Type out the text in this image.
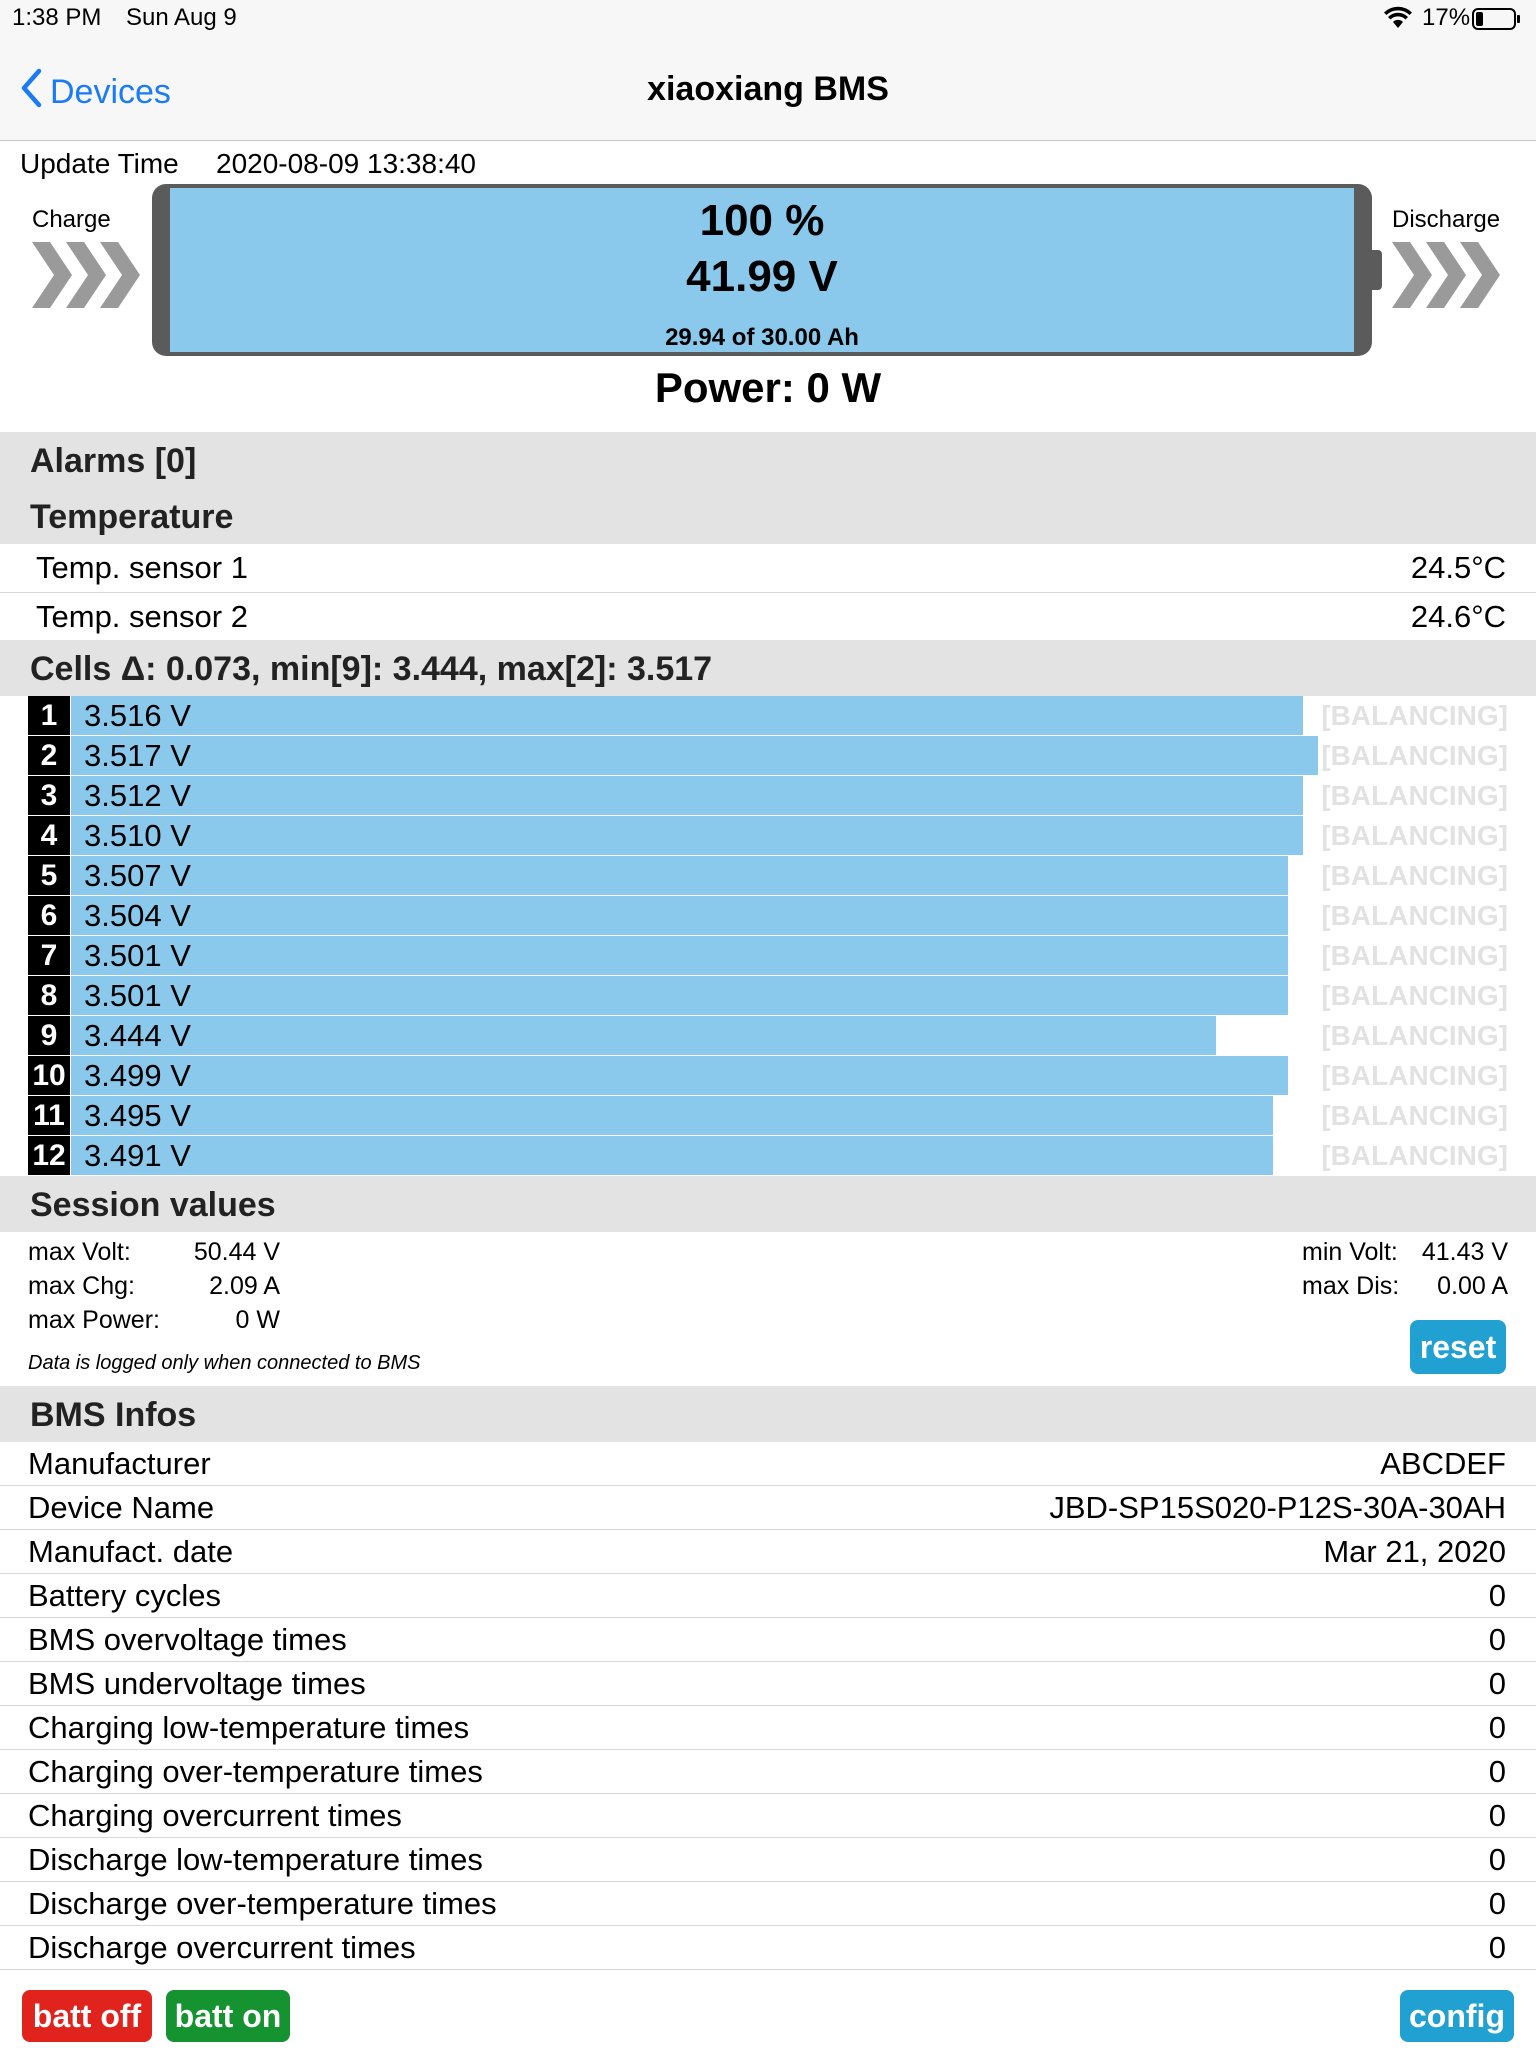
1:38 PM Sun Aug 9	17%
Devices	xiaoxiang BMS
Update Time 2020-08-09 13:38:40
Charge	Discharge
100 %
41.99 V
29.94 of 30.00 Ah
Power: 0 W
Alarms [0]
Temperature
Temp. sensor 1	24.5°C
Temp. sensor 2	24.6°C
Cells Δ: 0.073, min[9]: 3.444, max[2]: 3.517
1 3.516 V	[BALANCING]
2 3.517 V	[BALANCING]
3 3.512 V	[BALANCING]
4 3.510 V	[BALANCING]
5 3.507 V	[BALANCING]
6 3.504 V	[BALANCING]
7 3.501 V	[BALANCING]
8 3.501 V	[BALANCING]
9 3.444 V	[BALANCING]
10 3.499 V	[BALANCING]
11 3.495 V	[BALANCING]
12 3.491 V	[BALANCING]
Session values
max Volt:	50.44 V
max Chg:	2.09 A
max Power:	0 W
min Volt: 41.43 V
max Dis:	0.00 A
Data is logged only when connected to BMS	reset
BMS Infos
Manufacturer	ABCDEF
Device Name	JBD-SP15S020-P12S-30A-30AH
Manufact. date	Mar 21, 2020
Battery cycles	0
BMS overvoltage times	0
BMS undervoltage times	0
Charging low-temperature times	0
Charging over-temperature times	0
Charging overcurrent times	0
Discharge low-temperature times	0
Discharge over-temperature times	0
Discharge overcurrent times	0
batt off	batt on	config
